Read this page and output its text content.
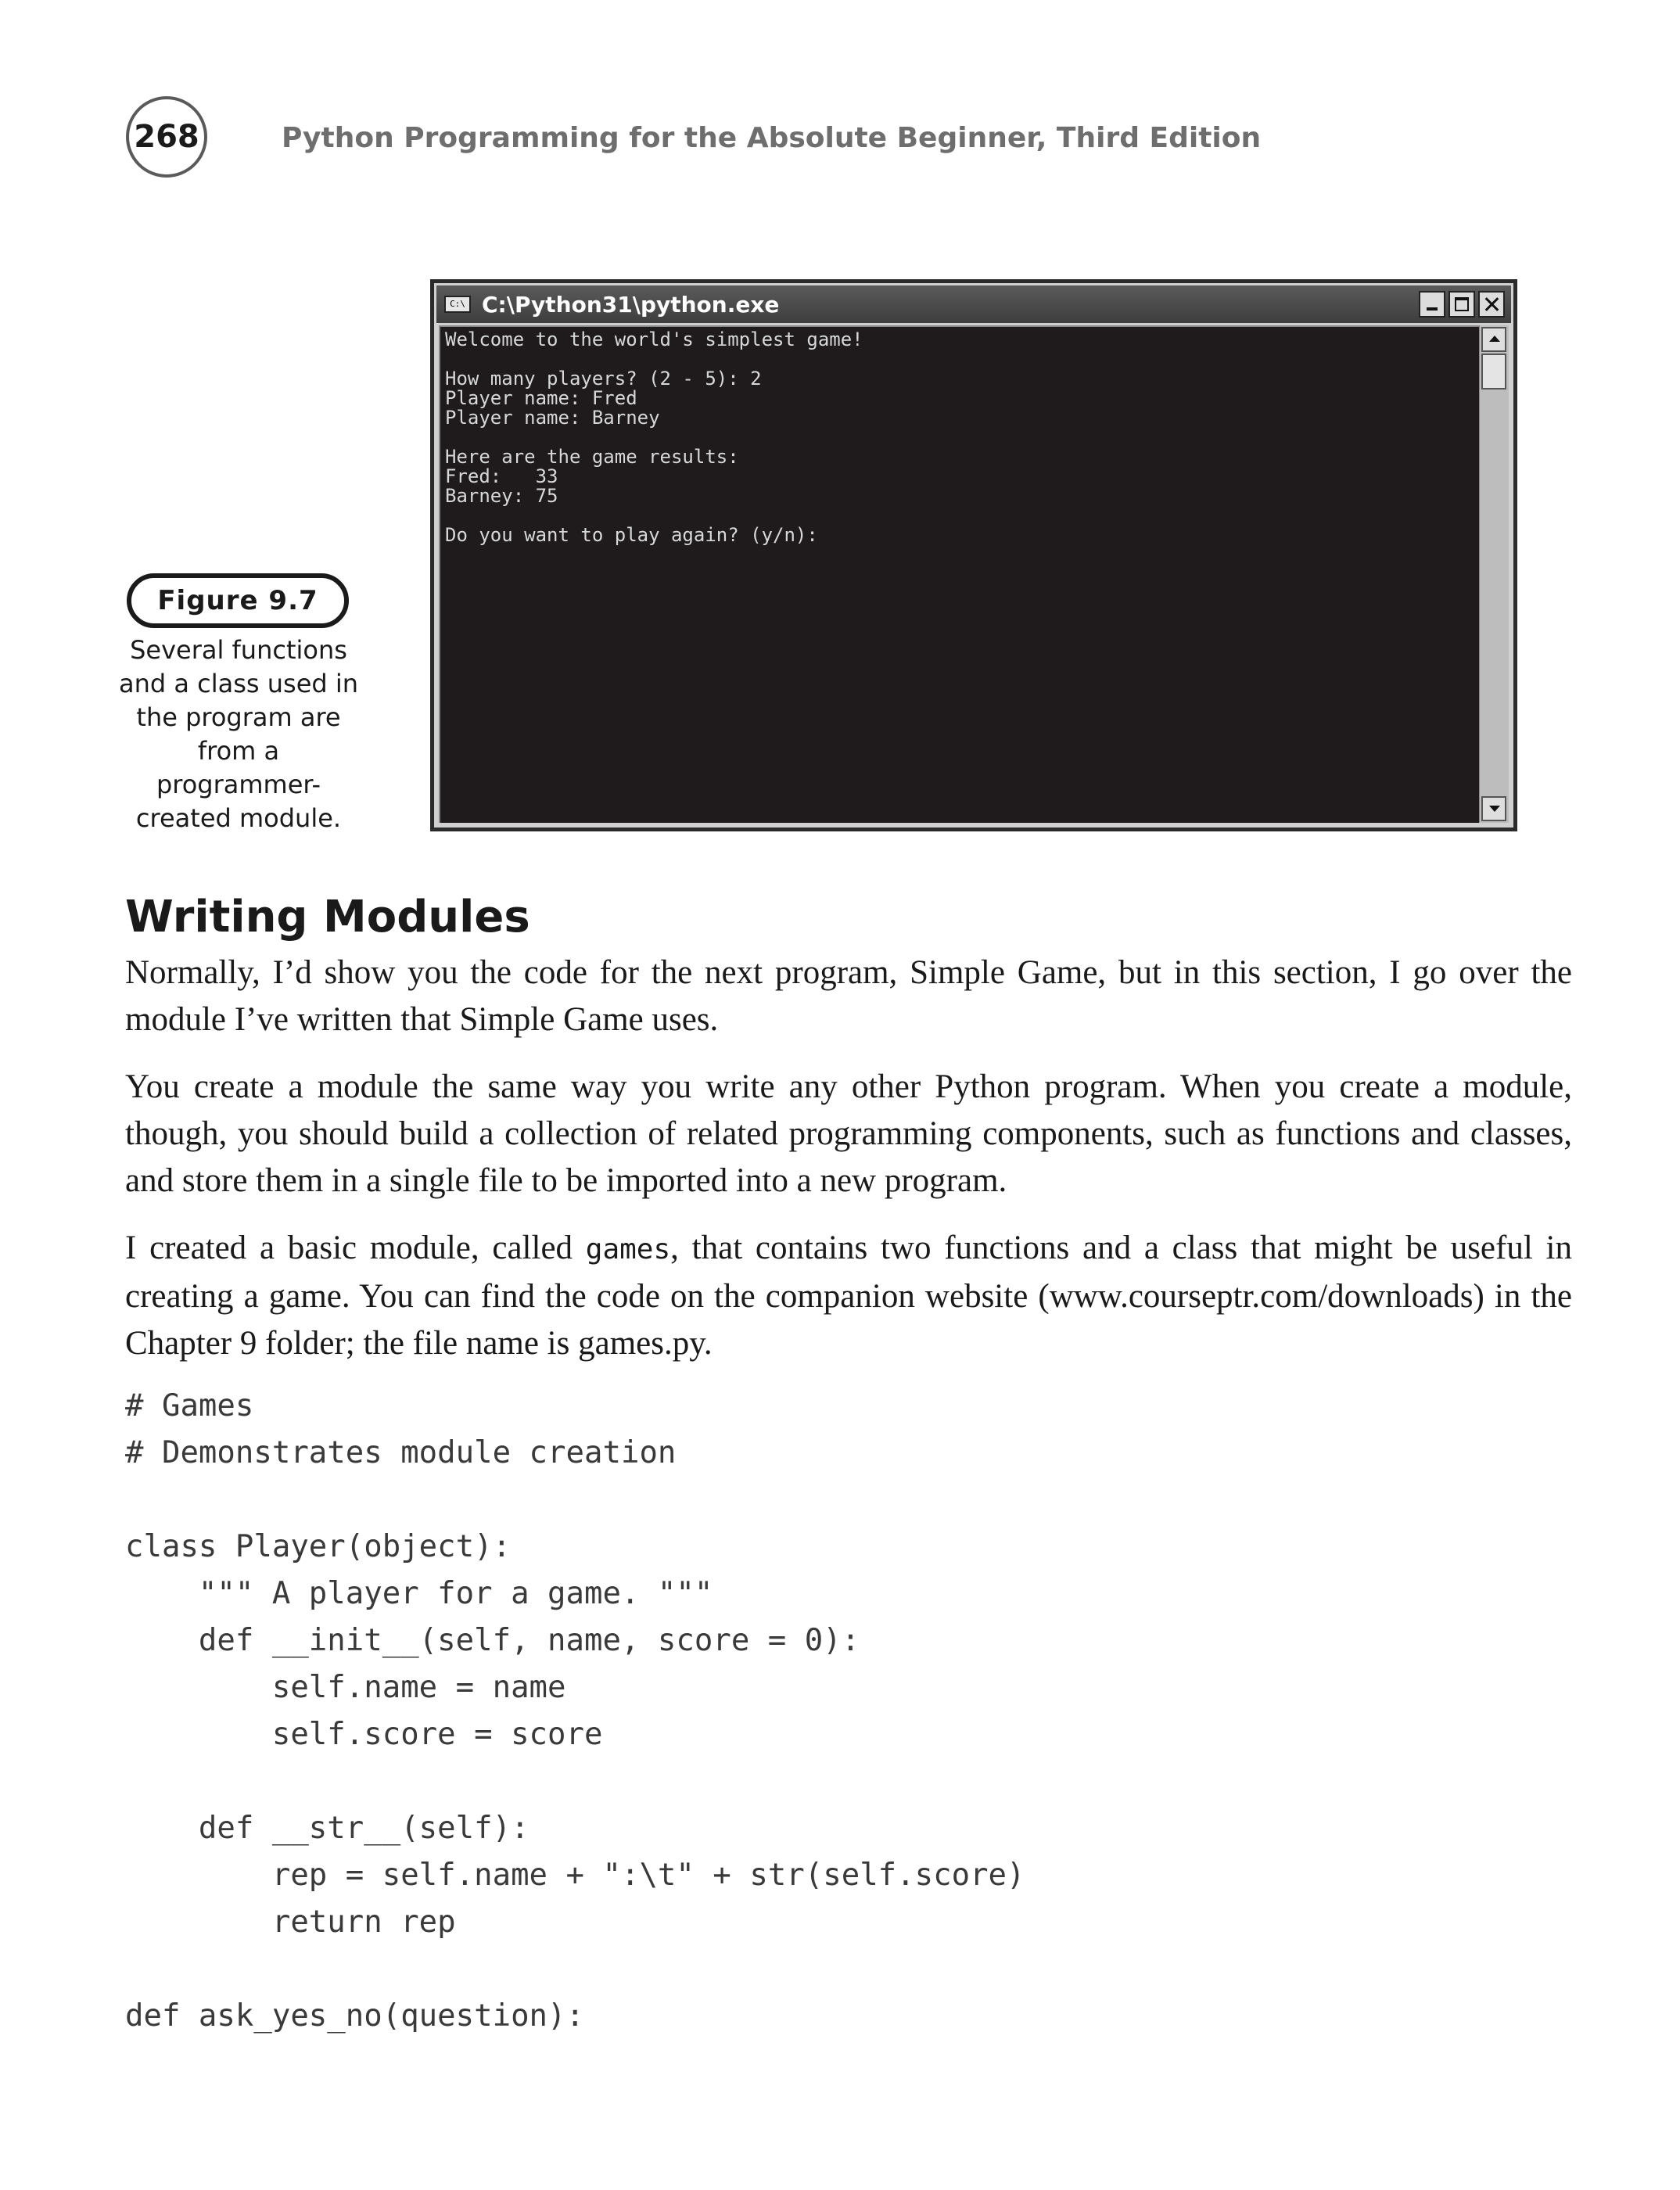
268	Python Programming for the Absolute Beginner, Third Edition
Figure 9.7
Several functions
and a class used in
the program are
from a
programmer-
created module.
C:\ C:\Python31\python.exe
Welcome to the world's simplest game!

How many players? (2 - 5): 2
Player name: Fred
Player name: Barney

Here are the game results:
Fred:   33
Barney: 75

Do you want to play again? (y/n):
Writing Modules

Normally, I’d show you the code for the next program, Simple Game, but in this section, I go over the module I’ve written that Simple Game uses.

You create a module the same way you write any other Python program. When you create a module, though, you should build a collection of related programming components, such as functions and classes, and store them in a single file to be imported into a new program.

I created a basic module, called games, that contains two functions and a class that might be useful in creating a game. You can find the code on the companion website (www.courseptr.com/downloads) in the Chapter 9 folder; the file name is games.py.

# Games
# Demonstrates module creation

class Player(object):
""" A player for a game. """
def __init__(self, name, score = 0):
self.name = name
self.score = score

def __str__(self):
rep = self.name + ":\t" + str(self.score)
return rep

def ask_yes_no(question):
